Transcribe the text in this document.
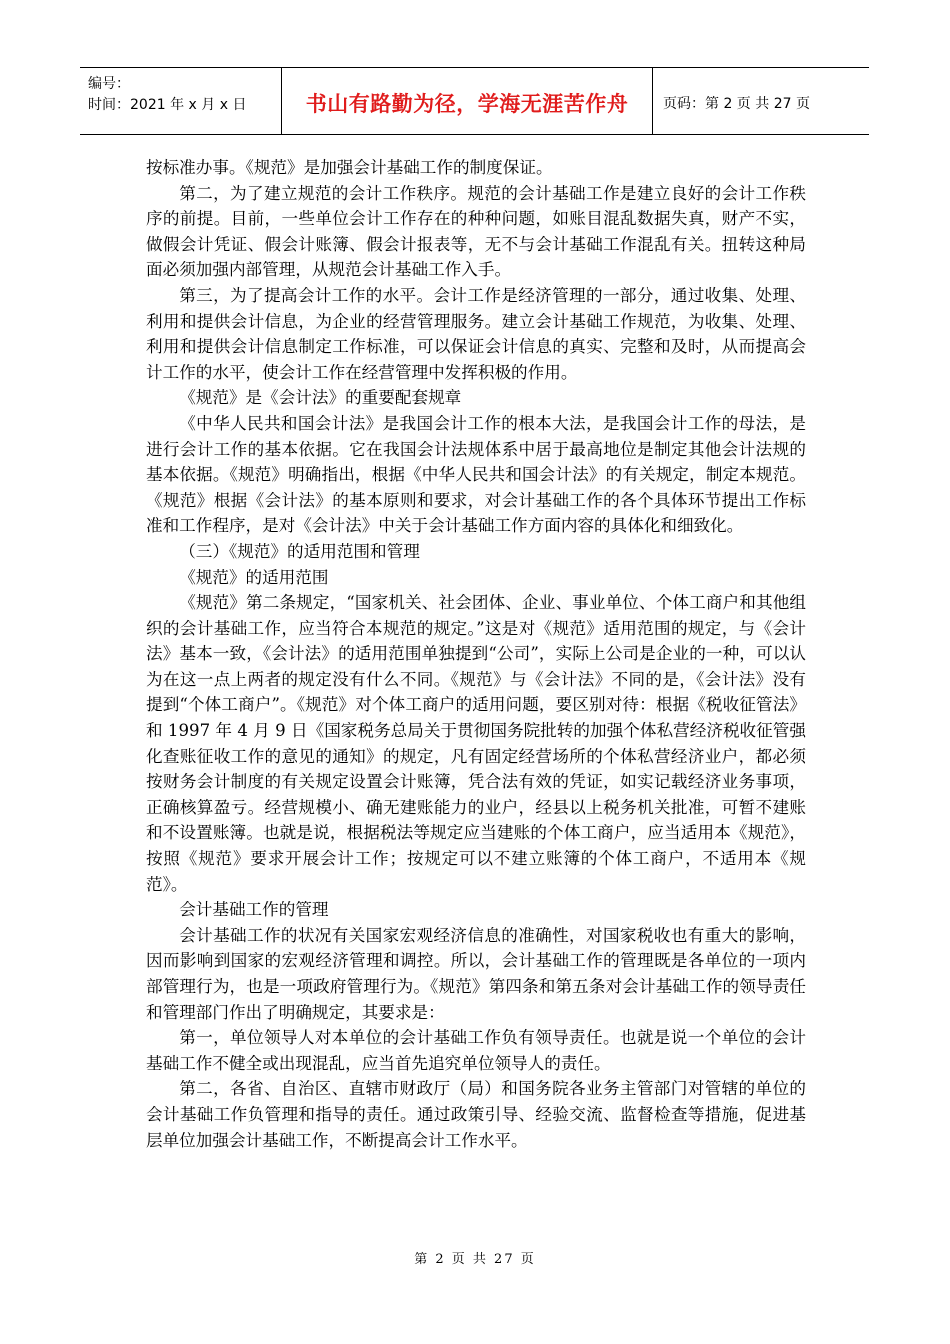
编号：
时间：2021 年 x 月 x 日	书山有路勤为径，学海无涯苦作舟	页码：第 2 页 共 27 页

按标准办事。《规范》是加强会计基础工作的制度保证。

第二，为了建立规范的会计工作秩序。规范的会计基础工作是建立良好的会计工作秩序的前提。目前，一些单位会计工作存在的种种问题，如账目混乱数据失真，财产不实，做假会计凭证、假会计账簿、假会计报表等，无不与会计基础工作混乱有关。扭转这种局面必须加强内部管理，从规范会计基础工作入手。

第三，为了提高会计工作的水平。会计工作是经济管理的一部分，通过收集、处理、利用和提供会计信息，为企业的经营管理服务。建立会计基础工作规范，为收集、处理、利用和提供会计信息制定工作标准，可以保证会计信息的真实、完整和及时，从而提高会计工作的水平，使会计工作在经营管理中发挥积极的作用。

《规范》是《会计法》的重要配套规章

《中华人民共和国会计法》是我国会计工作的根本大法，是我国会计工作的母法，是进行会计工作的基本依据。它在我国会计法规体系中居于最高地位是制定其他会计法规的基本依据。《规范》明确指出，根据《中华人民共和国会计法》的有关规定，制定本规范。《规范》根据《会计法》的基本原则和要求，对会计基础工作的各个具体环节提出工作标准和工作程序，是对《会计法》中关于会计基础工作方面内容的具体化和细致化。

（三）《规范》的适用范围和管理

《规范》的适用范围

《规范》第二条规定，“国家机关、社会团体、企业、事业单位、个体工商户和其他组织的会计基础工作，应当符合本规范的规定。”这是对《规范》适用范围的规定，与《会计法》基本一致，《会计法》的适用范围单独提到“公司”，实际上公司是企业的一种，可以认为在这一点上两者的规定没有什么不同。《规范》与《会计法》不同的是，《会计法》没有提到“个体工商户”。《规范》对个体工商户的适用问题，要区别对待：根据《税收征管法》和 1997 年 4 月 9 日《国家税务总局关于贯彻国务院批转的加强个体私营经济税收征管强化查账征收工作的意见的通知》的规定，凡有固定经营场所的个体私营经济业户，都必须按财务会计制度的有关规定设置会计账簿，凭合法有效的凭证，如实记载经济业务事项，正确核算盈亏。经营规模小、确无建账能力的业户，经县以上税务机关批准，可暂不建账和不设置账簿。也就是说，根据税法等规定应当建账的个体工商户，应当适用本《规范》，按照《规范》要求开展会计工作；按规定可以不建立账簿的个体工商户，不适用本《规范》。

会计基础工作的管理

会计基础工作的状况有关国家宏观经济信息的准确性，对国家税收也有重大的影响，因而影响到国家的宏观经济管理和调控。所以，会计基础工作的管理既是各单位的一项内部管理行为，也是一项政府管理行为。《规范》第四条和第五条对会计基础工作的领导责任和管理部门作出了明确规定，其要求是：

第一，单位领导人对本单位的会计基础工作负有领导责任。也就是说一个单位的会计基础工作不健全或出现混乱，应当首先追究单位领导人的责任。

第二，各省、自治区、直辖市财政厅（局）和国务院各业务主管部门对管辖的单位的会计基础工作负管理和指导的责任。通过政策引导、经验交流、监督检查等措施，促进基层单位加强会计基础工作，不断提高会计工作水平。

第 2 页 共 27 页
